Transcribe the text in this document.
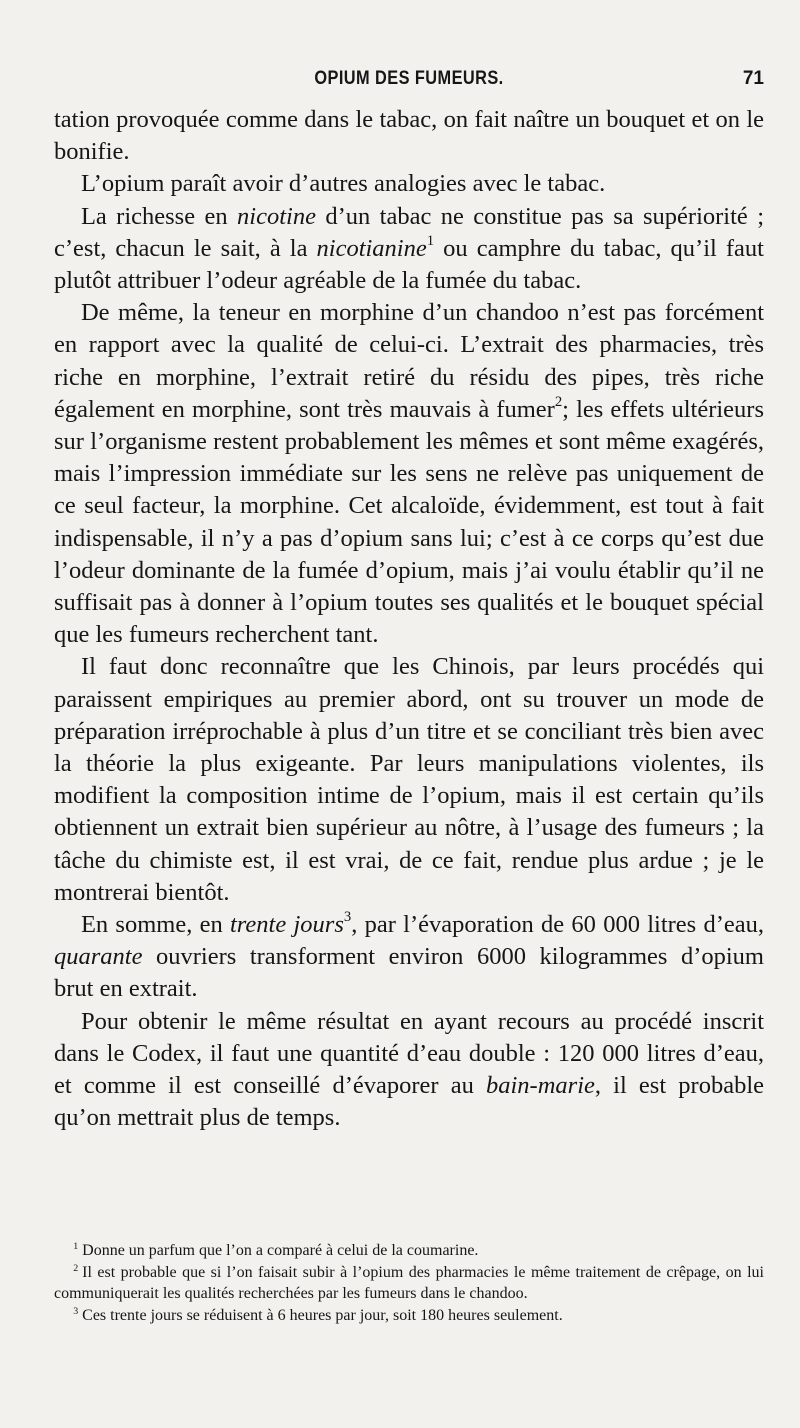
OPIUM DES FUMEURS.	71

tation provoquée comme dans le tabac, on fait naître un bouquet et on le bonifie.

L’opium paraît avoir d’autres analogies avec le tabac.

La richesse en nicotine d’un tabac ne constitue pas sa supériorité ; c’est, chacun le sait, à la nicotianine$^1$ ou camphre du tabac, qu’il faut plutôt attribuer l’odeur agréable de la fumée du tabac.

De même, la teneur en morphine d’un chandoo n’est pas forcément en rapport avec la qualité de celui-ci. L’extrait des pharmacies, très riche en morphine, l’extrait retiré du résidu des pipes, très riche également en morphine, sont très mauvais à fumer$^2$; les effets ultérieurs sur l’organisme restent probablement les mêmes et sont même exagérés, mais l’impression immédiate sur les sens ne relève pas uniquement de ce seul facteur, la morphine. Cet alcaloïde, évidemment, est tout à fait indispensable, il n’y a pas d’opium sans lui; c’est à ce corps qu’est due l’odeur dominante de la fumée d’opium, mais j’ai voulu établir qu’il ne suffisait pas à donner à l’opium toutes ses qualités et le bouquet spécial que les fumeurs recherchent tant.

Il faut donc reconnaître que les Chinois, par leurs procédés qui paraissent empiriques au premier abord, ont su trouver un mode de préparation irréprochable à plus d’un titre et se conciliant très bien avec la théorie la plus exigeante. Par leurs manipulations violentes, ils modifient la composition intime de l’opium, mais il est certain qu’ils obtiennent un extrait bien supérieur au nôtre, à l’usage des fumeurs ; la tâche du chimiste est, il est vrai, de ce fait, rendue plus ardue ; je le montrerai bientôt.

En somme, en trente jours$^3$, par l’évaporation de 60 000 litres d’eau, quarante ouvriers transforment environ 6000 kilogrammes d’opium brut en extrait.

Pour obtenir le même résultat en ayant recours au procédé inscrit dans le Codex, il faut une quantité d’eau double : 120 000 litres d’eau, et comme il est conseillé d’évaporer au bain-marie, il est probable qu’on mettrait plus de temps.

$^1$ Donne un parfum que l’on a comparé à celui de la coumarine.

$^2$ Il est probable que si l’on faisait subir à l’opium des pharmacies le même traitement de crêpage, on lui communiquerait les qualités recherchées par les fumeurs dans le chandoo.

$^3$ Ces trente jours se réduisent à 6 heures par jour, soit 180 heures seulement.
